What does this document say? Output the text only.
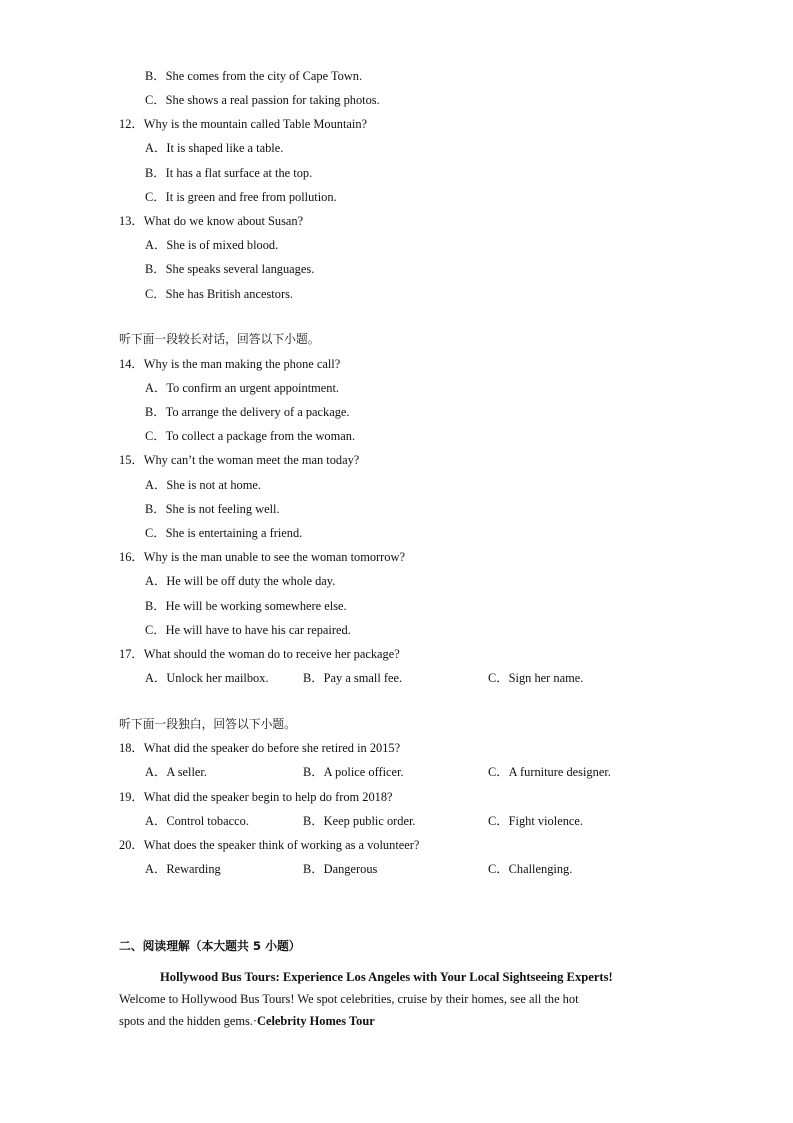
B．She comes from the city of Cape Town.
C．She shows a real passion for taking photos.
12．Why is the mountain called Table Mountain?
A．It is shaped like a table.
B．It has a flat surface at the top.
C．It is green and free from pollution.
13．What do we know about Susan?
A．She is of mixed blood.
B．She speaks several languages.
C．She has British ancestors.
听下面一段较长对话，回答以下小题。
14．Why is the man making the phone call?
A．To confirm an urgent appointment.
B．To arrange the delivery of a package.
C．To collect a package from the woman.
15．Why can’t the woman meet the man today?
A．She is not at home.
B．She is not feeling well.
C．She is entertaining a friend.
16．Why is the man unable to see the woman tomorrow?
A．He will be off duty the whole day.
B．He will be working somewhere else.
C．He will have to have his car repaired.
17．What should the woman do to receive her package?
A．Unlock her mailbox.	B．Pay a small fee.	C．Sign her name.
听下面一段独白，回答以下小题。
18．What did the speaker do before she retired in 2015?
A．A seller.	B．A police officer.	C．A furniture designer.
19．What did the speaker begin to help do from 2018?
A．Control tobacco.	B．Keep public order.	C．Fight violence.
20．What does the speaker think of working as a volunteer?
A．Rewarding	B．Dangerous	C．Challenging.
二、阅读理解（本大题共 5 小题）
Hollywood Bus Tours: Experience Los Angeles with Your Local Sightseeing Experts!
Welcome to Hollywood Bus Tours! We spot celebrities, cruise by their homes, see all the hot
spots and the hidden gems.·Celebrity Homes Tour
